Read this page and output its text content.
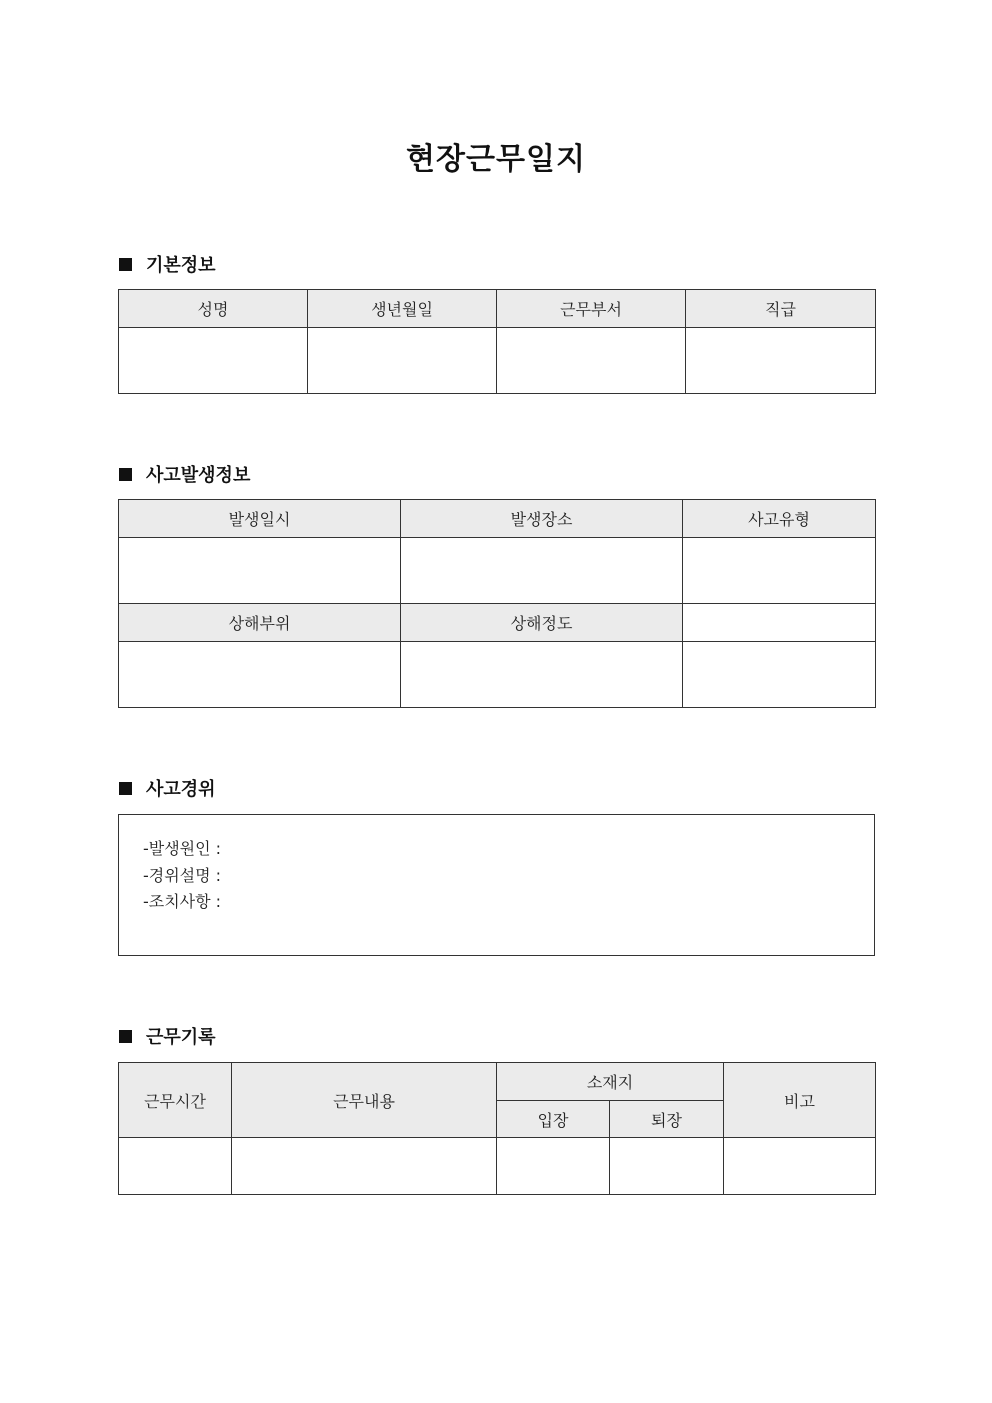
현장근무일지
기본정보
성명	생년월일	근무부서	직급

사고발생정보
발생일시	발생장소	사고유형

상해부위	상해정도	

사고경위
-발생원인 :
-경위설명 :
-조치사항 :
근무기록
근무시간	근무내용	소재지		비고
		입장	퇴장	
